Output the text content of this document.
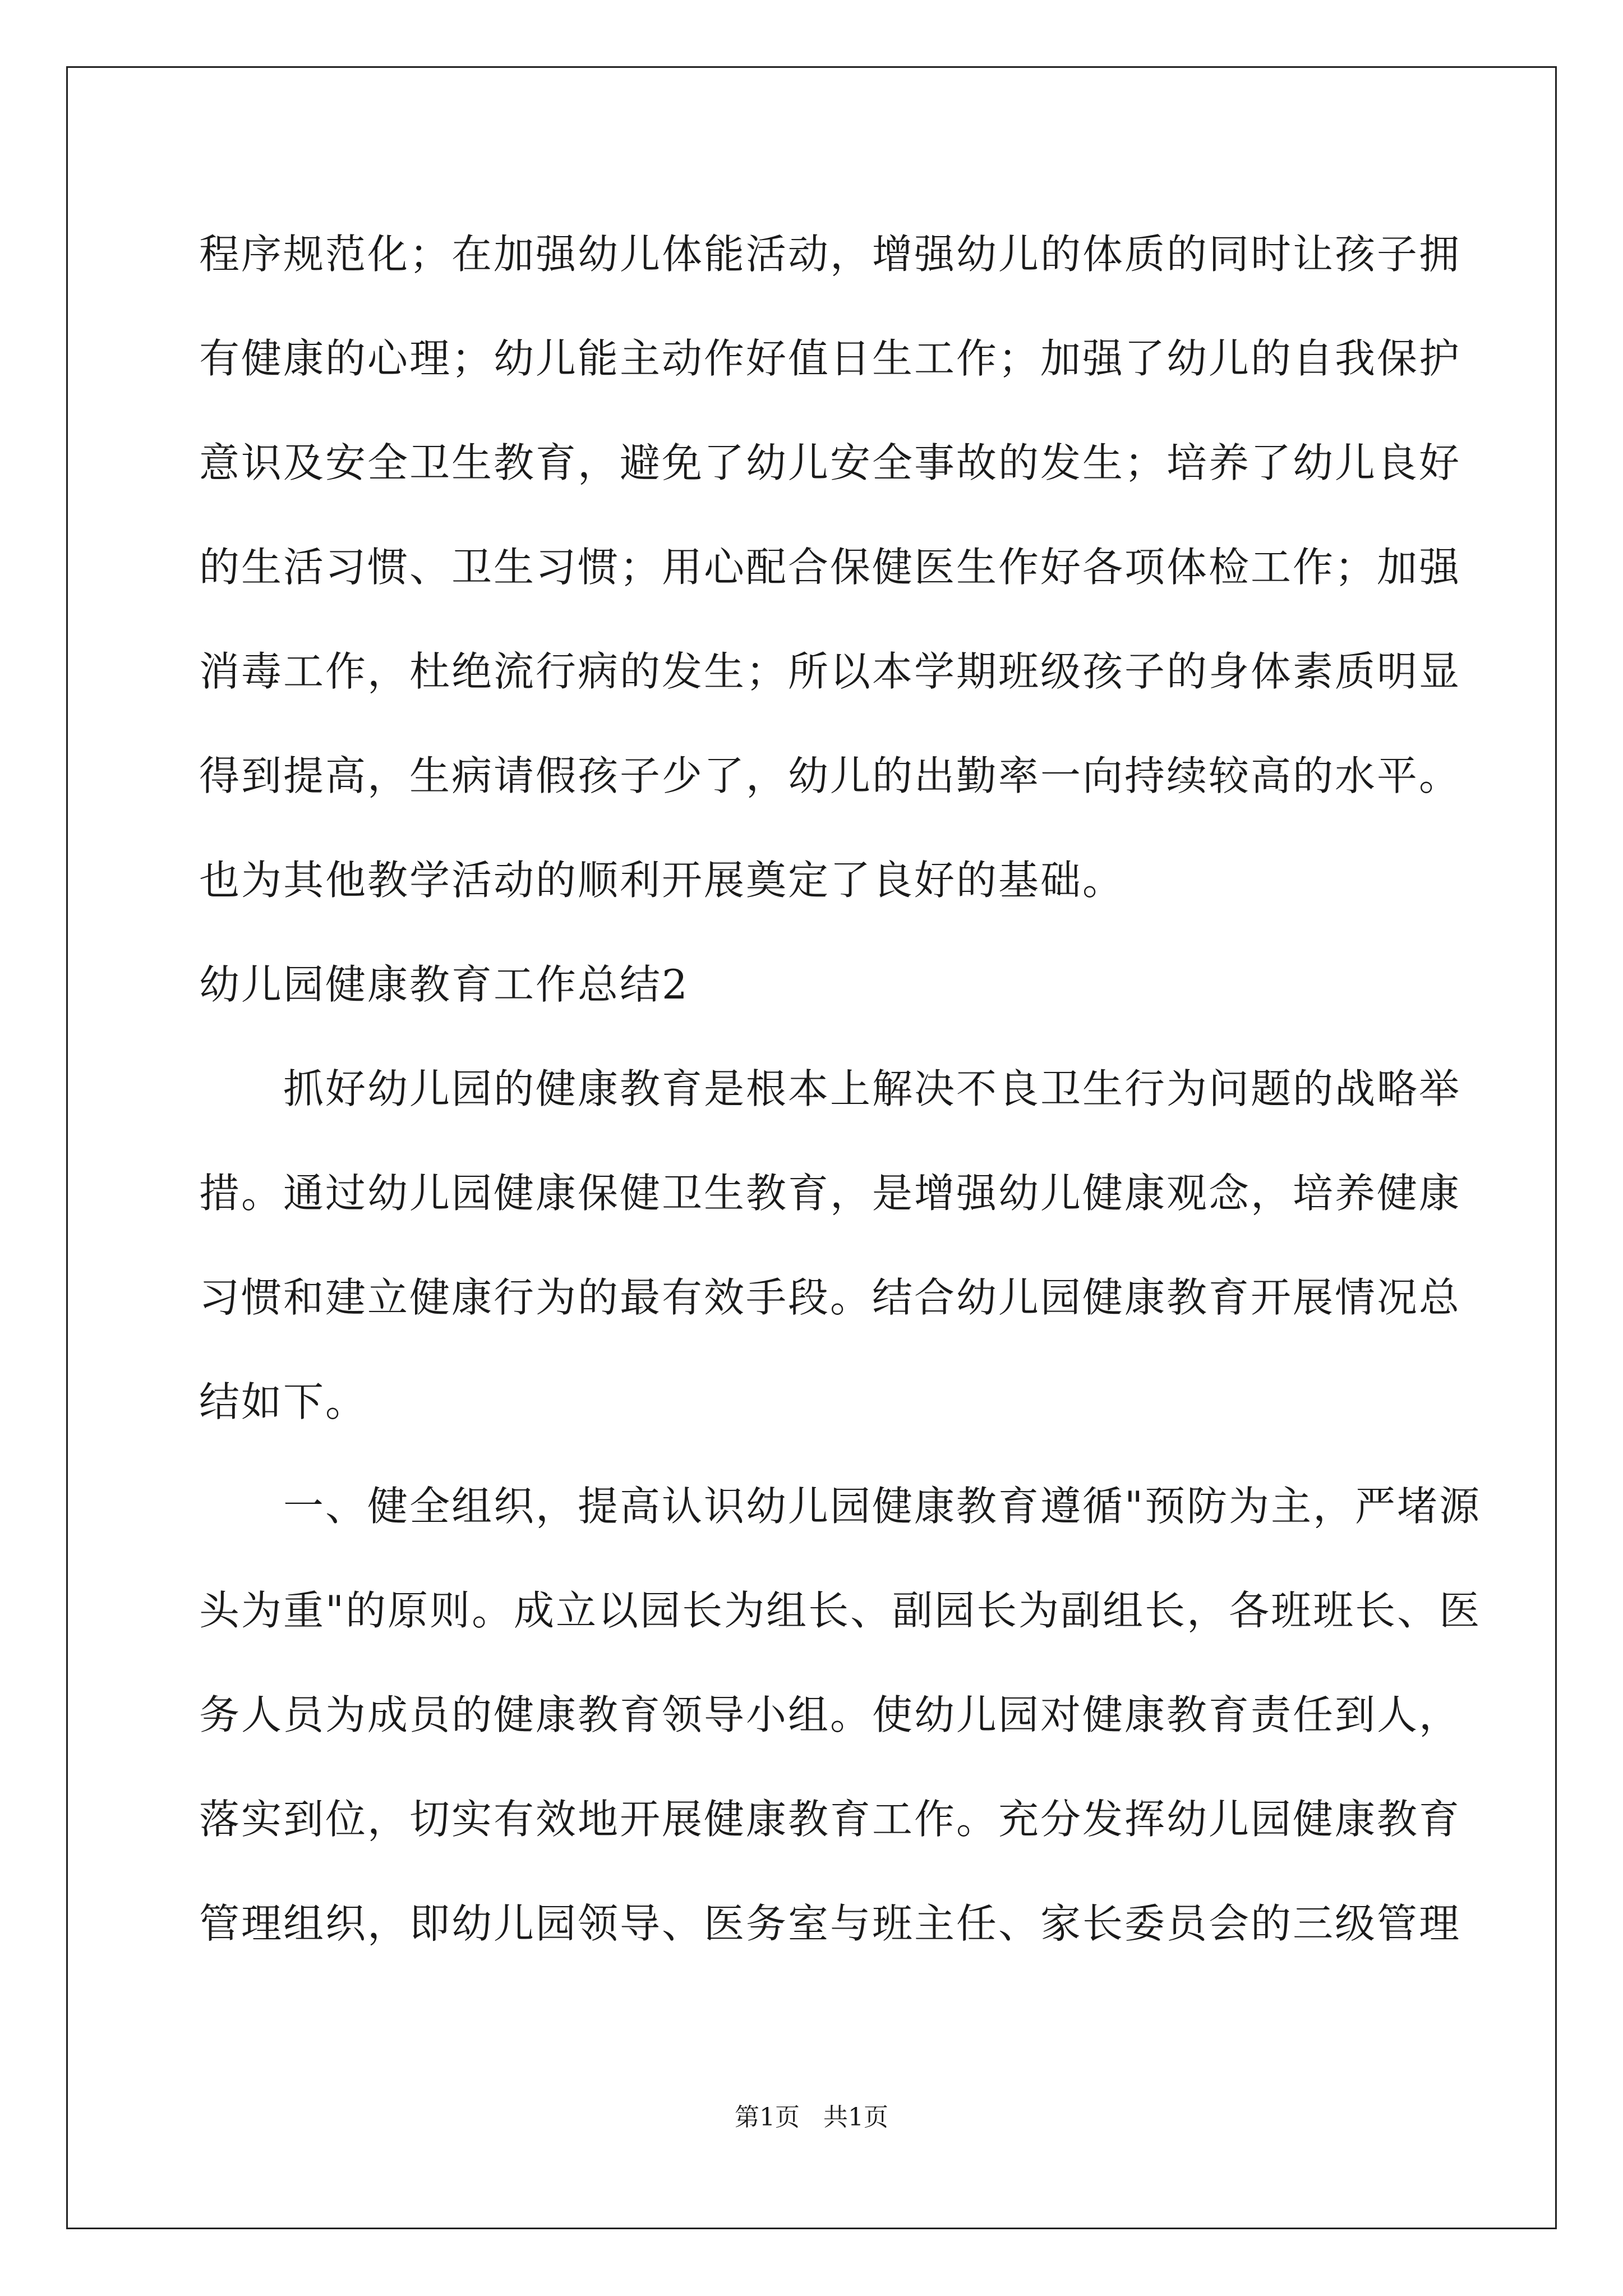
程序规范化；在加强幼儿体能活动，增强幼儿的体质的同时让孩子拥
有健康的心理；幼儿能主动作好值日生工作；加强了幼儿的自我保护
意识及安全卫生教育，避免了幼儿安全事故的发生；培养了幼儿良好
的生活习惯、卫生习惯；用心配合保健医生作好各项体检工作；加强
消毒工作，杜绝流行病的发生；所以本学期班级孩子的身体素质明显
得到提高，生病请假孩子少了，幼儿的出勤率一向持续较高的水平。
也为其他教学活动的顺利开展奠定了良好的基础。
幼儿园健康教育工作总结2
　　抓好幼儿园的健康教育是根本上解决不良卫生行为问题的战略举
措。通过幼儿园健康保健卫生教育，是增强幼儿健康观念，培养健康
习惯和建立健康行为的最有效手段。结合幼儿园健康教育开展情况总
结如下。
　　一、健全组织，提高认识幼儿园健康教育遵循"预防为主，严堵源
头为重"的原则。成立以园长为组长、副园长为副组长，各班班长、医
务人员为成员的健康教育领导小组。使幼儿园对健康教育责任到人，
落实到位，切实有效地开展健康教育工作。充分发挥幼儿园健康教育
管理组织，即幼儿园领导、医务室与班主任、家长委员会的三级管理
第1页   共1页
